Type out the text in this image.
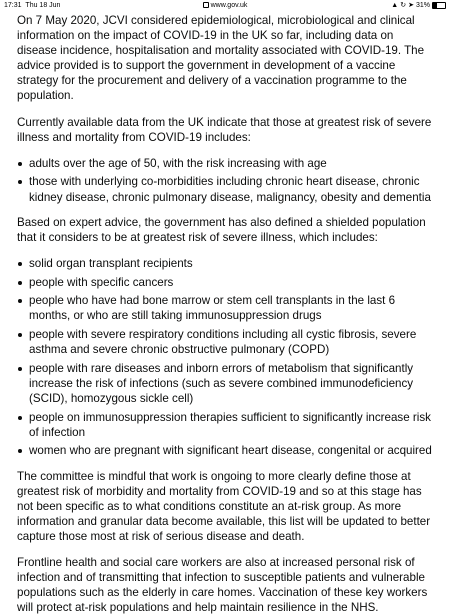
17:31 Thu 18 Jun	www.gov.uk	▲ ↻ ➤ 31%

On 7 May 2020, JCVI considered epidemiological, microbiological and clinical information on the impact of COVID-19 in the UK so far, including data on disease incidence, hospitalisation and mortality associated with COVID-19. The advice provided is to support the government in development of a vaccine strategy for the procurement and delivery of a vaccination programme to the population.

Currently available data from the UK indicate that those at greatest risk of severe illness and mortality from COVID-19 includes:

adults over the age of 50, with the risk increasing with age
those with underlying co-morbidities including chronic heart disease, chronic kidney disease, chronic pulmonary disease, malignancy, obesity and dementia

Based on expert advice, the government has also defined a shielded population that it considers to be at greatest risk of severe illness, which includes:

solid organ transplant recipients
people with specific cancers
people who have had bone marrow or stem cell transplants in the last 6 months, or who are still taking immunosuppression drugs
people with severe respiratory conditions including all cystic fibrosis, severe asthma and severe chronic obstructive pulmonary (COPD)
people with rare diseases and inborn errors of metabolism that significantly increase the risk of infections (such as severe combined immunodeficiency (SCID), homozygous sickle cell)
people on immunosuppression therapies sufficient to significantly increase risk of infection
women who are pregnant with significant heart disease, congenital or acquired

The committee is mindful that work is ongoing to more clearly define those at greatest risk of morbidity and mortality from COVID-19 and so at this stage has not been specific as to what conditions constitute an at-risk group. As more information and granular data become available, this list will be updated to better capture those most at risk of serious disease and death.

Frontline health and social care workers are also at increased personal risk of infection and of transmitting that infection to susceptible patients and vulnerable populations such as the elderly in care homes. Vaccination of these key workers will protect at-risk populations and help maintain resilience in the NHS.
